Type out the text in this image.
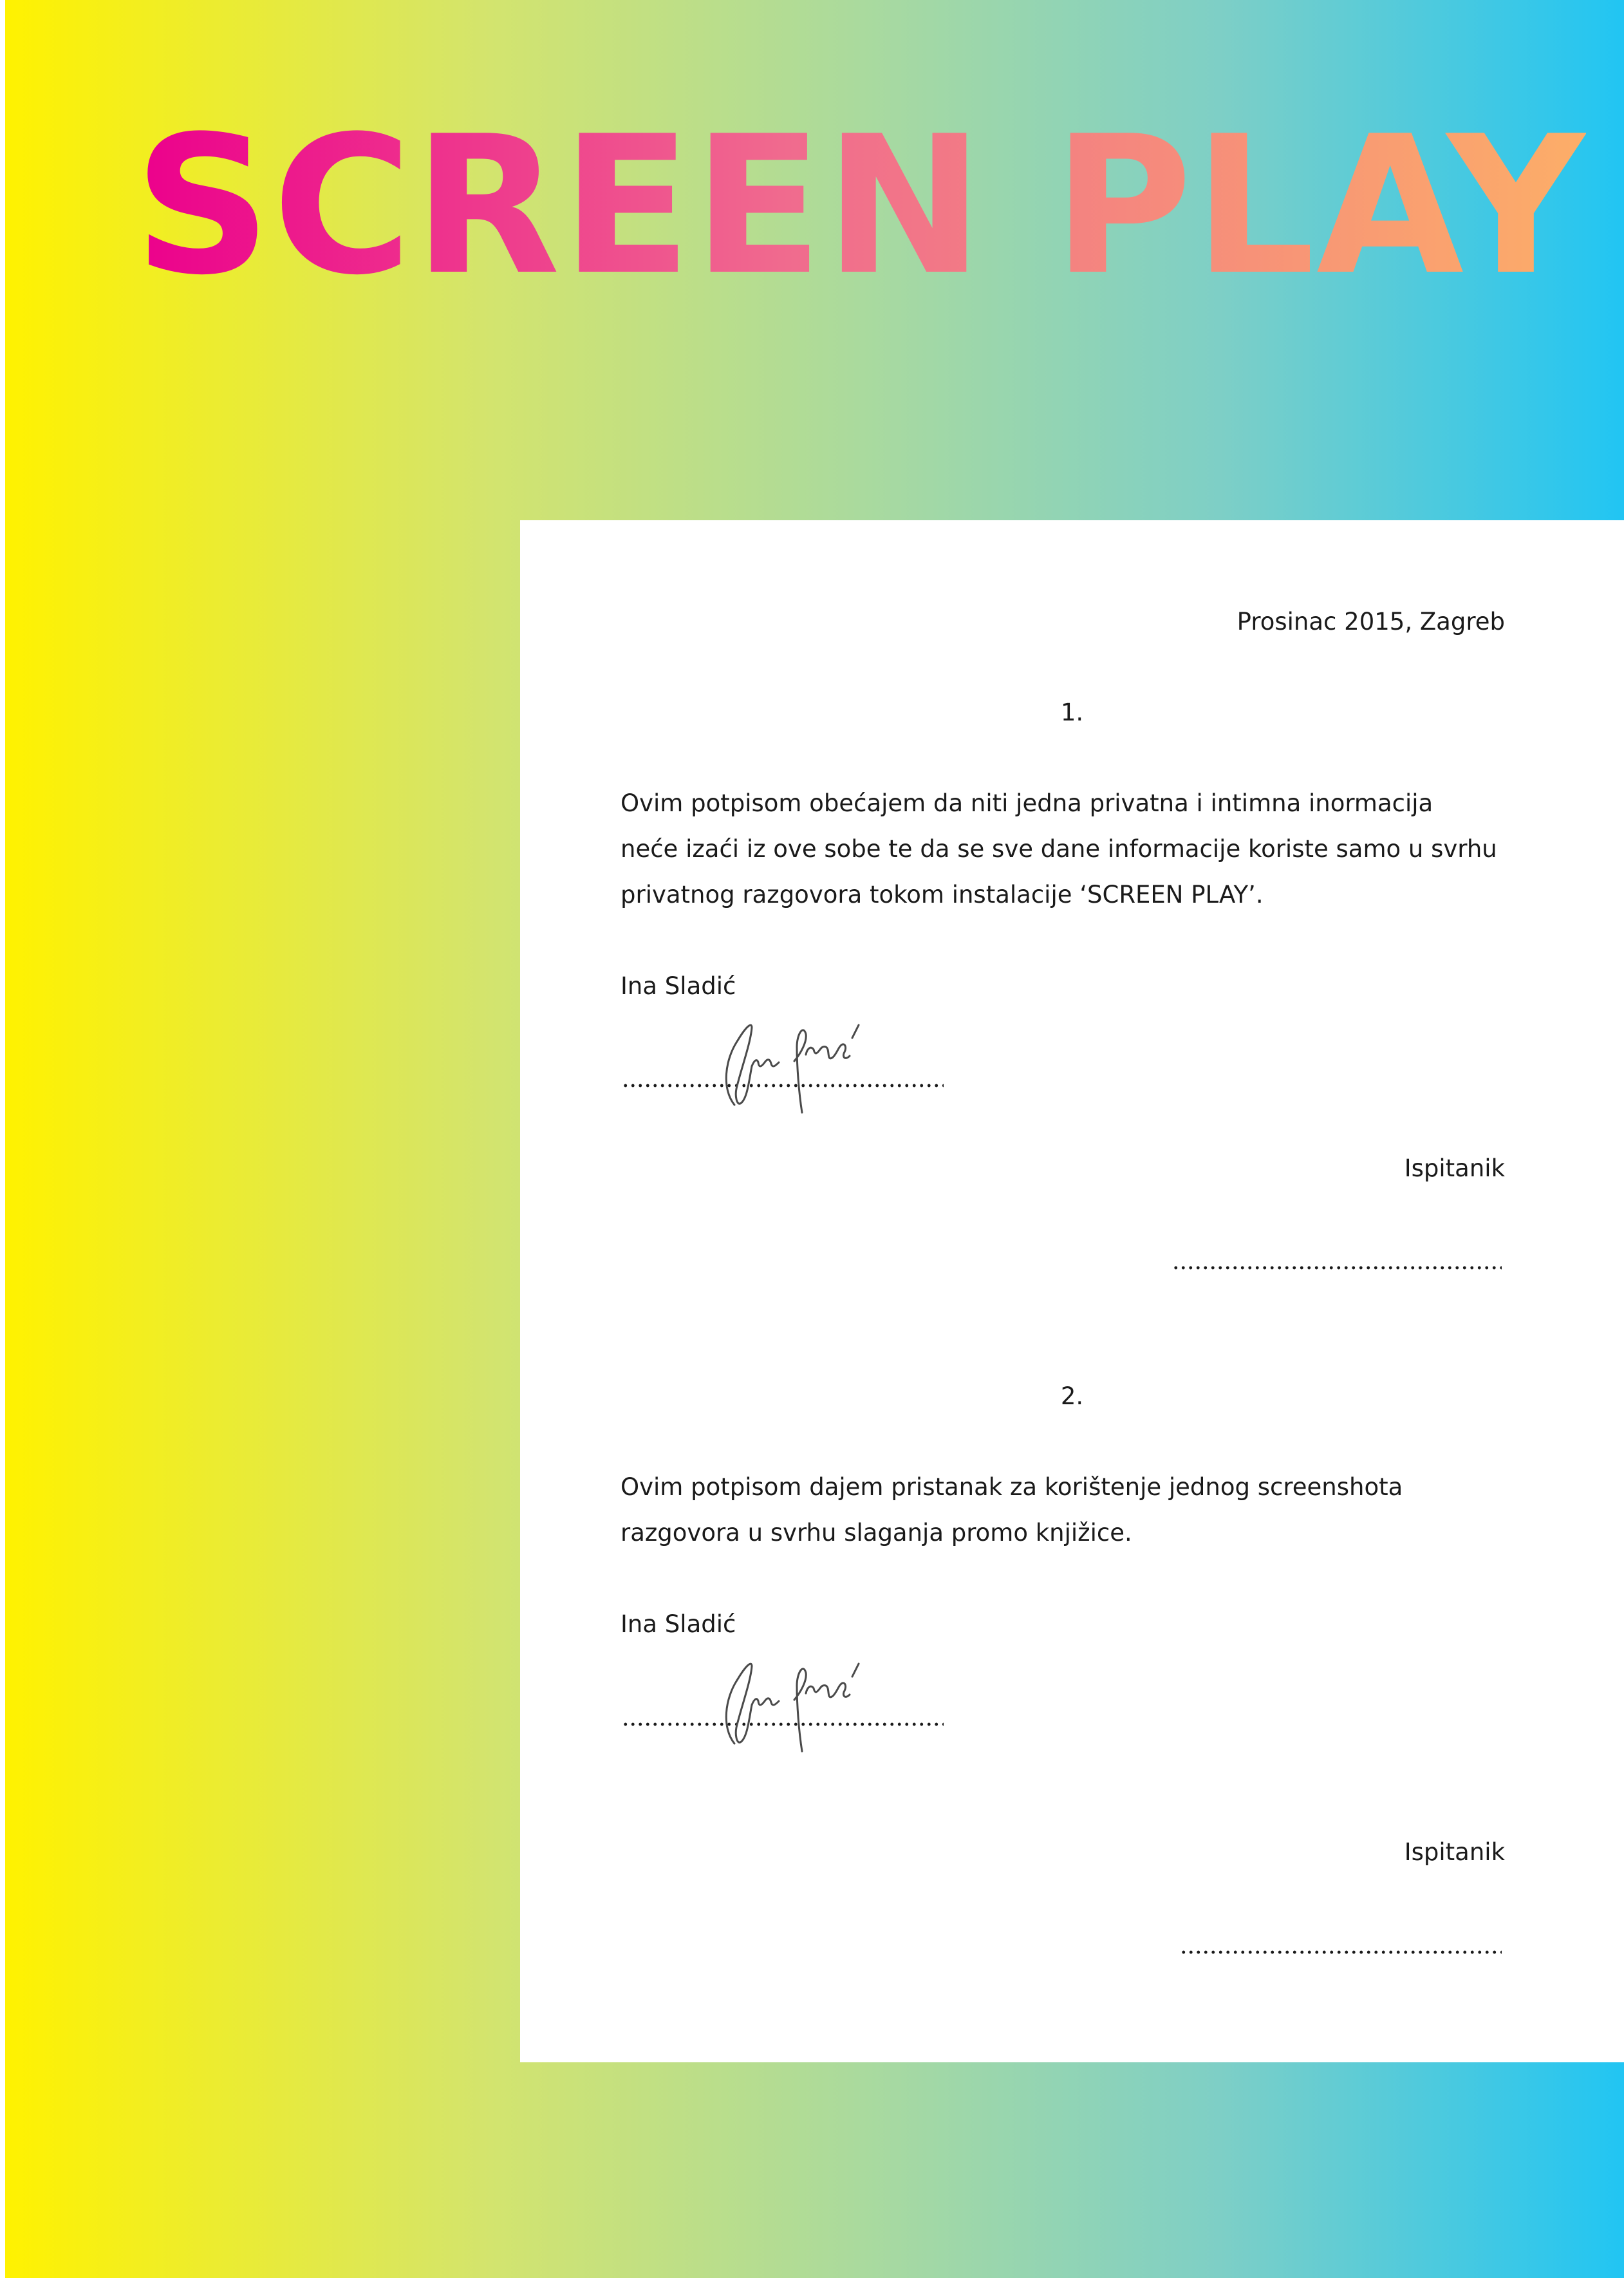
SCREEN PLAY

Prosinac 2015, Zagreb

1.

Ovim potpisom obećajem da niti jedna privatna i intimna inormacija
neće izaći iz ove sobe te da se sve dane informacije koriste samo u svrhu
privatnog razgovora tokom instalacije ‘SCREEN PLAY’.

Ina Sladić

Ispitanik

2.

Ovim potpisom dajem pristanak za korištenje jednog screenshota
razgovora u svrhu slaganja promo knjižice.

Ina Sladić

Ispitanik
